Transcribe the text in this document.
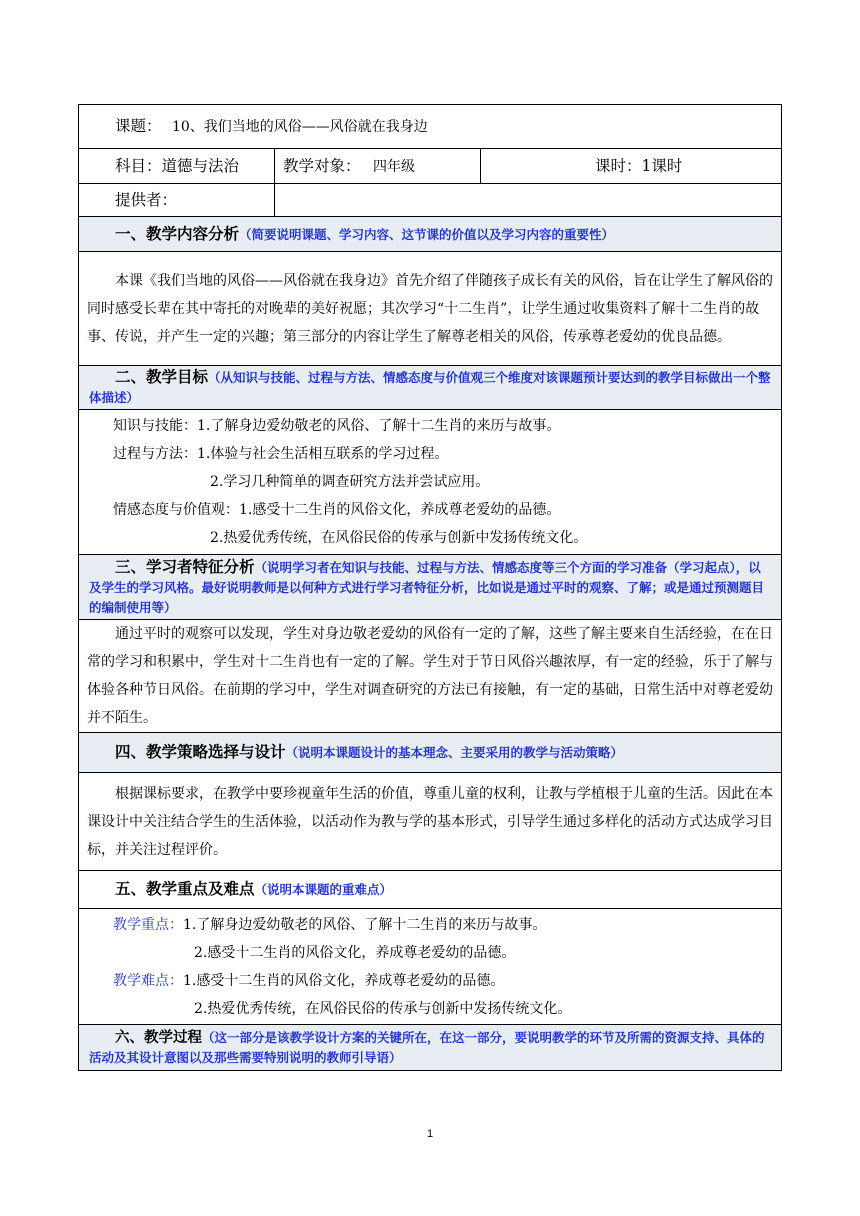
课题： 10、我们当地的风俗——风俗就在我身边		
科目：道德与法治	教学对象： 四年级	课时：1课时
提供者：		
一、教学内容分析（简要说明课题、学习内容、这节课的价值以及学习内容的重要性）		

本课《我们当地的风俗——风俗就在我身边》首先介绍了伴随孩子成长有关的风俗，旨在让学生了解风俗的同时感受长辈在其中寄托的对晚辈的美好祝愿；其次学习“十二生肖”，让学生通过收集资料了解十二生肖的故事、传说，并产生一定的兴趣；第三部分的内容让学生了解尊老相关的风俗，传承尊老爱幼的优良品德。		

二、教学目标（从知识与技能、过程与方法、情感态度与价值观三个维度对该课题预计要达到的教学目标做出一个整体描述）		

知识与技能：1.了解身边爱幼敬老的风俗、了解十二生肖的来历与故事。
过程与方法：1.体验与社会生活相互联系的学习过程。
2.学习几种简单的调查研究方法并尝试应用。
情感态度与价值观：1.感受十二生肖的风俗文化，养成尊老爱幼的品德。
2.热爱优秀传统，在风俗民俗的传承与创新中发扬传统文化。		

三、学习者特征分析（说明学习者在知识与技能、过程与方法、情感态度等三个方面的学习准备（学习起点），以及学生的学习风格。最好说明教师是以何种方式进行学习者特征分析，比如说是通过平时的观察、了解；或是通过预测题目的编制使用等）		

通过平时的观察可以发现，学生对身边敬老爱幼的风俗有一定的了解，这些了解主要来自生活经验，在在日常的学习和积累中，学生对十二生肖也有一定的了解。学生对于节日风俗兴趣浓厚，有一定的经验，乐于了解与体验各种节日风俗。在前期的学习中，学生对调查研究的方法已有接触，有一定的基础，日常生活中对尊老爱幼并不陌生。		

四、教学策略选择与设计（说明本课题设计的基本理念、主要采用的教学与活动策略）		

根据课标要求，在教学中要珍视童年生活的价值，尊重儿童的权利，让教与学植根于儿童的生活。因此在本课设计中关注结合学生的生活体验，以活动作为教与学的基本形式，引导学生通过多样化的活动方式达成学习目标，并关注过程评价。		

五、教学重点及难点（说明本课题的重难点）		

教学重点：1.了解身边爱幼敬老的风俗、了解十二生肖的来历与故事。
2.感受十二生肖的风俗文化，养成尊老爱幼的品德。
教学难点：1.感受十二生肖的风俗文化，养成尊老爱幼的品德。
2.热爱优秀传统，在风俗民俗的传承与创新中发扬传统文化。		

六、教学过程（这一部分是该教学设计方案的关键所在，在这一部分，要说明教学的环节及所需的资源支持、具体的活动及其设计意图以及那些需要特别说明的教师引导语）		
1
